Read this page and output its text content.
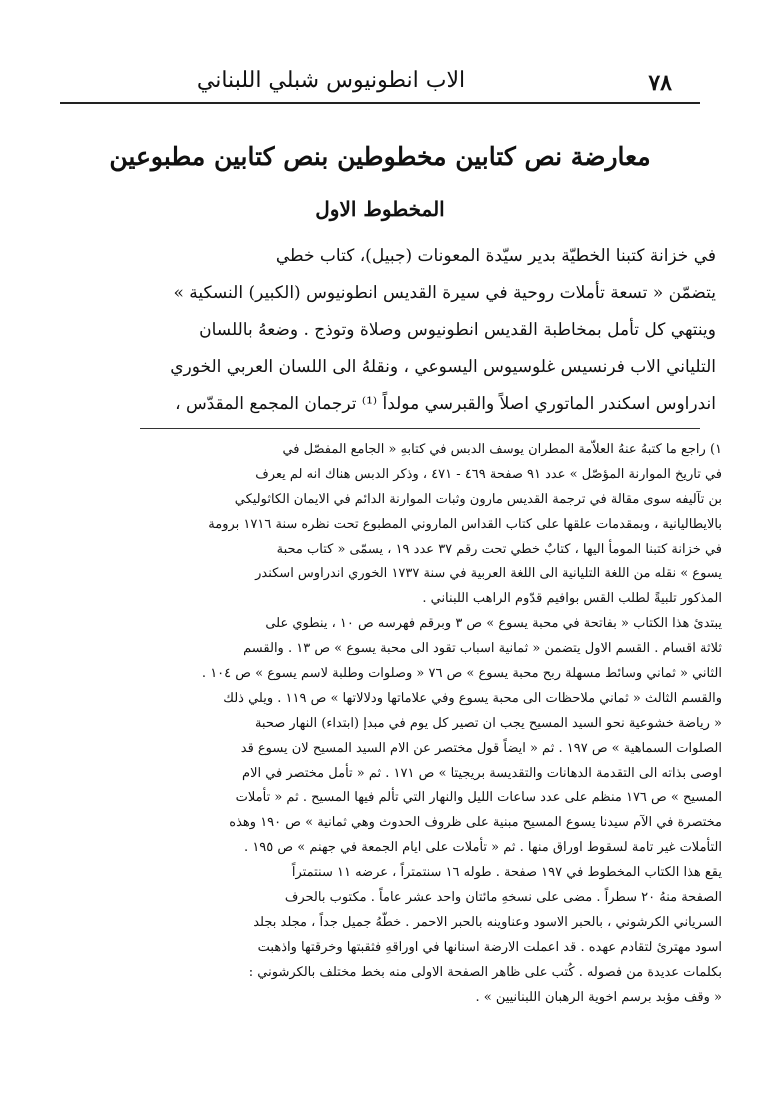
٧٨
الاب انطونيوس شبلي اللبناني
معارضة نص كتابين مخطوطين بنص كتابين مطبوعين
المخطوط الاول
في خزانة كتبنا الخطيّة بدير سيّدة المعونات (جبيل)، كتاب خطي
يتضمّن « تسعة تأملات روحية في سيرة القديس انطونيوس (الكبير) النسكية »
وينتهي كل تأمل بمخاطبة القديس انطونيوس وصلاة وتوذج . وضعهُ باللسان
التلياني الاب فرنسيس غلوسيوس اليسوعي ، ونقلهُ الى اللسان العربي الخوري
اندراوس اسكندر الماتوري اصلاً والقبرسي مولداً ⁽¹⁾ ترجمان المجمع المقدّس ،
١) راجع ما كتبهُ عنهُ العلاّمة المطران يوسف الدبس في كتابهِ « الجامع المفصّل في
في تاريخ الموارنة المؤصّل » عدد ٩١ صفحة ٤٦٩ - ٤٧١ ، وذكر الدبس هناك انه لم يعرف
بن تآليفه سوى مقالة في ترجمة القديس مارون وثبات الموارنة الدائم في الايمان الكاثوليكي
بالايطاليانية ، وبمقدمات علقها على كتاب القداس الماروني المطبوع تحت نظره سنة ١٧١٦ برومة
في خزانة كتبنا المومأ اليها ، كتابٌ خطي تحت رقم ٣٧ عدد ١٩ ، يسمّى « كتاب محبة
يسوع » نقله من اللغة التليانية الى اللغة العربية في سنة ١٧٣٧ الخوري اندراوس اسكندر
المذكور تلبيةً لطلب القس بوافيم قدّوم الراهب اللبناني .
يبتدئ هذا الكتاب « بفاتحة في محبة يسوع » ص ٣ وبرقم فهرسه ص ١٠ ، ينطوي على
ثلاثة اقسام . القسم الاول يتضمن « ثمانية اسباب تقود الى محبة يسوع » ص ١٣ . والقسم
الثاني « ثماني وسائط مسهلة ربح محبة يسوع » ص ٧٦ « وصلوات وطلبة لاسم يسوع » ص ١٠٤ .
والقسم الثالث « ثماني ملاحظات الى محبة يسوع وفي علاماتها ودلالاتها » ص ١١٩ . ويلي ذلك
« رياضة خشوعية نحو السيد المسيح يجب ان تصير كل يوم في مبدإ (ابتداء) النهار صحبة
الصلوات السماهية » ص ١٩٧ . ثم « ايضاً قول مختصر عن الام السيد المسيح لان يسوع قد
اوصى بذاته الى التقدمة الدهانات والتقديسة بريجيتا » ص ١٧١ . ثم « تأمل مختصر في الام
المسيح » ص ١٧٦ منظم على عدد ساعات الليل والنهار التي تألم فيها المسيح . ثم « تأملات
مختصرة في الآم سيدنا يسوع المسيح مبنية على ظروف الحدوث وهي ثمانية » ص ١٩٠ وهذه
التأملات غير تامة لسقوط اوراق منها . ثم « تأملات على ايام الجمعة في جهنم » ص ١٩٥ .
يقع هذا الكتاب المخطوط في ١٩٧ صفحة . طوله ١٦ سنتمتراً ، عرضه ١١ سنتمتراً
الصفحة منهُ ٢٠ سطراً . مضى على نسخهِ مائتان واحد عشر عاماً . مكتوب بالحرف
السرياني الكرشوني ، بالحبر الاسود وعناوينه بالحبر الاحمر . خطّهُ جميل جداً ، مجلد بجلد
اسود مهترئ لتقادم عهده . قد اعملت الارضة اسنانها في اوراقهِ فثقبتها وخرقتها واذهبت
بكلمات عديدة من فصوله . كُتب على ظاهر الصفحة الاولى منه بخط مختلف بالكرشوني :
« وقف مؤبد برسم اخوية الرهبان اللبنانيين » .
